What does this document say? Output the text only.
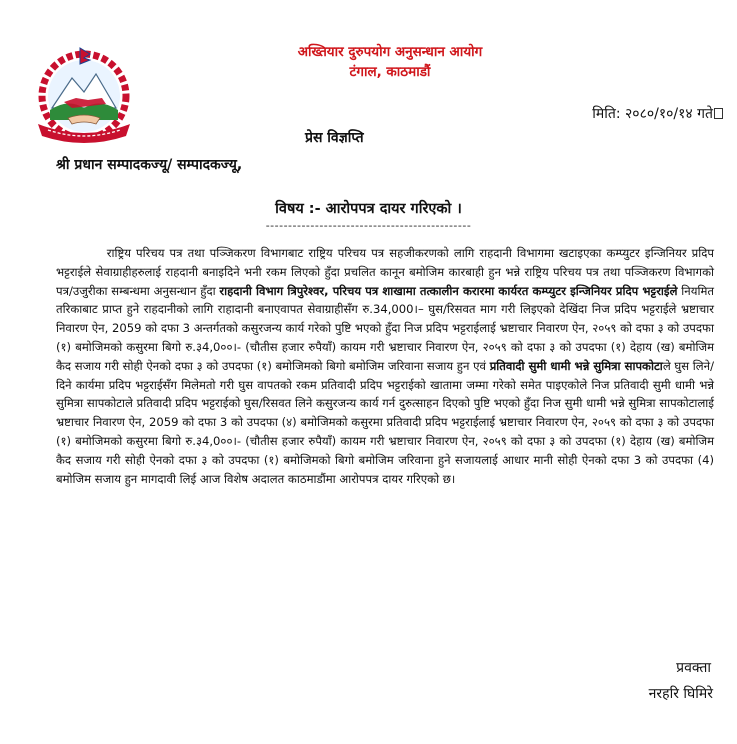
अख्तियार दुरुपयोग अनुसन्धान आयोग
टंगाल, काठमाडौं
मिति: २०८०/१०/१४ गते
प्रेस विज्ञप्ति
श्री प्रधान सम्पादकज्यू/ सम्पादकज्यू,
विषय :- आरोपपत्र दायर गरिएको ।
----------------------------------------------

राष्ट्रिय परिचय पत्र तथा पञ्जिकरण विभागबाट राष्ट्रिय परिचय पत्र सहजीकरणको लागि राहदानी विभागमा खटाइएका कम्प्युटर इन्जिनियर प्रदिप भट्टराईले सेवाग्राहीहरुलाई राहदानी बनाइदिने भनी रकम लिएको हुँदा प्रचलित कानून बमोजिम कारबाही हुन भन्ने राष्ट्रिय परिचय पत्र तथा पञ्जिकरण विभागको पत्र/उजुरीका सम्बन्धमा अनुसन्धान हुँदा राहदानी विभाग त्रिपुरेश्वर, परिचय पत्र शाखामा तत्कालीन करारमा कार्यरत कम्प्युटर इन्जिनियर प्रदिप भट्टराईले नियमित तरिकाबाट प्राप्त हुने राहदानीको लागि राहादानी बनाएवापत सेवाग्राहीसँग रु.34,000।– घुस/रिसवत माग गरी लिइएको देखिंदा निज प्रदिप भट्टराईले भ्रष्टाचार निवारण ऐन, 2059 को दफा 3 अन्तर्गतको कसुरजन्य कार्य गरेको पुष्टि भएको हुँदा निज प्रदिप भट्टराईलाई भ्रष्टाचार निवारण ऐन, २०५९ को दफा ३ को उपदफा (१) बमोजिमको कसुरमा बिगो रु.३4,0००।- (चौतीस हजार रुपैयाँ) कायम गरी भ्रष्टाचार निवारण ऐन, २०५९ को दफा ३ को उपदफा (१) देहाय (ख) बमोजिम कैद सजाय गरी सोही ऐनको दफा ३ को उपदफा (१) बमोजिमको बिगो बमोजिम जरिवाना सजाय हुन एवं प्रतिवादी सुमी धामी भन्ने सुमित्रा सापकोटाले घुस लिने/दिने कार्यमा प्रदिप भट्टराईसँग मिलेमतो गरी घुस वापतको रकम प्रतिवादी प्रदिप भट्टराईको खातामा जम्मा गरेको समेत पाइएकोले निज प्रतिवादी सुमी धामी भन्ने सुमित्रा सापकोटाले प्रतिवादी प्रदिप भट्टराईको घुस/रिसवत लिने कसुरजन्य कार्य गर्न दुरुत्साहन दिएको पुष्टि भएको हुँदा निज सुमी धामी भन्ने सुमित्रा सापकोटालाई भ्रष्टाचार निवारण ऐन, 2059 को दफा 3 को उपदफा (४) बमोजिमको कसुरमा प्रतिवादी प्रदिप भट्टराईलाई भ्रष्टाचार निवारण ऐन, २०५९ को दफा ३ को उपदफा (१) बमोजिमको कसुरमा बिगो रु.३4,0००।- (चौतीस हजार रुपैयाँ) कायम गरी भ्रष्टाचार निवारण ऐन, २०५९ को दफा ३ को उपदफा (१) देहाय (ख) बमोजिम कैद सजाय गरी सोही ऐनको दफा ३ को उपदफा (१) बमोजिमको बिगो बमोजिम जरिवाना हुने सजायलाई आधार मानी सोही ऐनको दफा 3 को उपदफा (4) बमोजिम सजाय हुन मागदावी लिई आज विशेष अदालत काठमाडौंमा आरोपपत्र दायर गरिएको छ।

प्रवक्ता
नरहरि घिमिरे
